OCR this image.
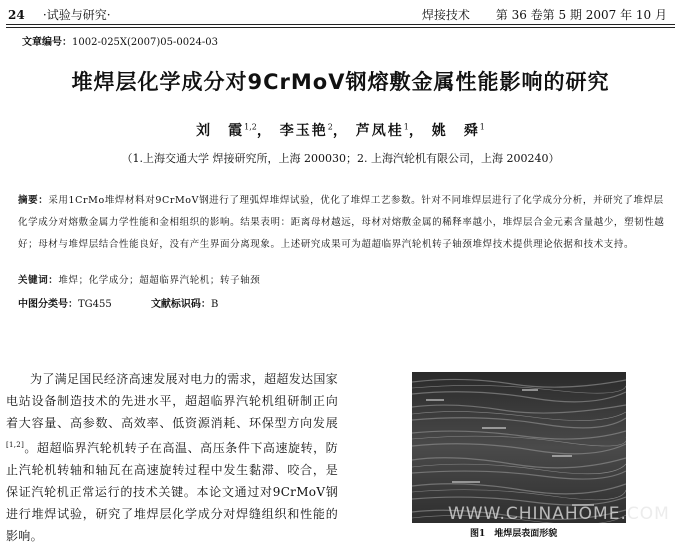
24 ·试验与研究·	焊接技术 第 36 卷第 5 期 2007 年 10 月
文章编号：1002-025X(2007)05-0024-03
堆焊层化学成分对9CrMoV钢熔敷金属性能影响的研究
刘　霞$^{1,2}$， 李玉艳$^2$， 芦凤桂$^1$， 姚　舜$^1$
（1.上海交通大学 焊接研究所，上海 200030；2. 上海汽轮机有限公司，上海 200240）
摘要：采用1CrMo堆焊材料对9CrMoV钢进行了理弧焊堆焊试验，优化了堆焊工艺参数。针对不同堆焊层进行了化学成分分析，并研究了堆焊层化学成分对熔敷金属力学性能和金相组织的影响。结果表明：距离母材越远，母材对熔敷金属的稀释率越小，堆焊层合金元素含量越少，塑韧性越好；母材与堆焊层结合性能良好，没有产生界面分离现象。上述研究成果可为超超临界汽轮机转子轴颈堆焊技术提供理论依据和技术支持。
关键词：堆焊；化学成分；超超临界汽轮机；转子轴颈
中图分类号：TG455	文献标识码：B
为了满足国民经济高速发展对电力的需求，超超发达国家电站设备制造技术的先进水平，超超临界汽轮机组研制正向着大容量、高参数、高效率、低资源消耗、环保型方向发展[1,2]。超超临界汽轮机转子在高温、高压条件下高速旋转，防止汽轮机转轴和轴瓦在高速旋转过程中发生黏滞、咬合，是保证汽轮机正常运行的技术关键。本论文通过对9CrMoV钢进行堆焊试验，研究了堆焊层化学成分对焊缝组织和性能的影响。
WWW.CHINAHOME.COM
图1　堆焊层表面形貌
